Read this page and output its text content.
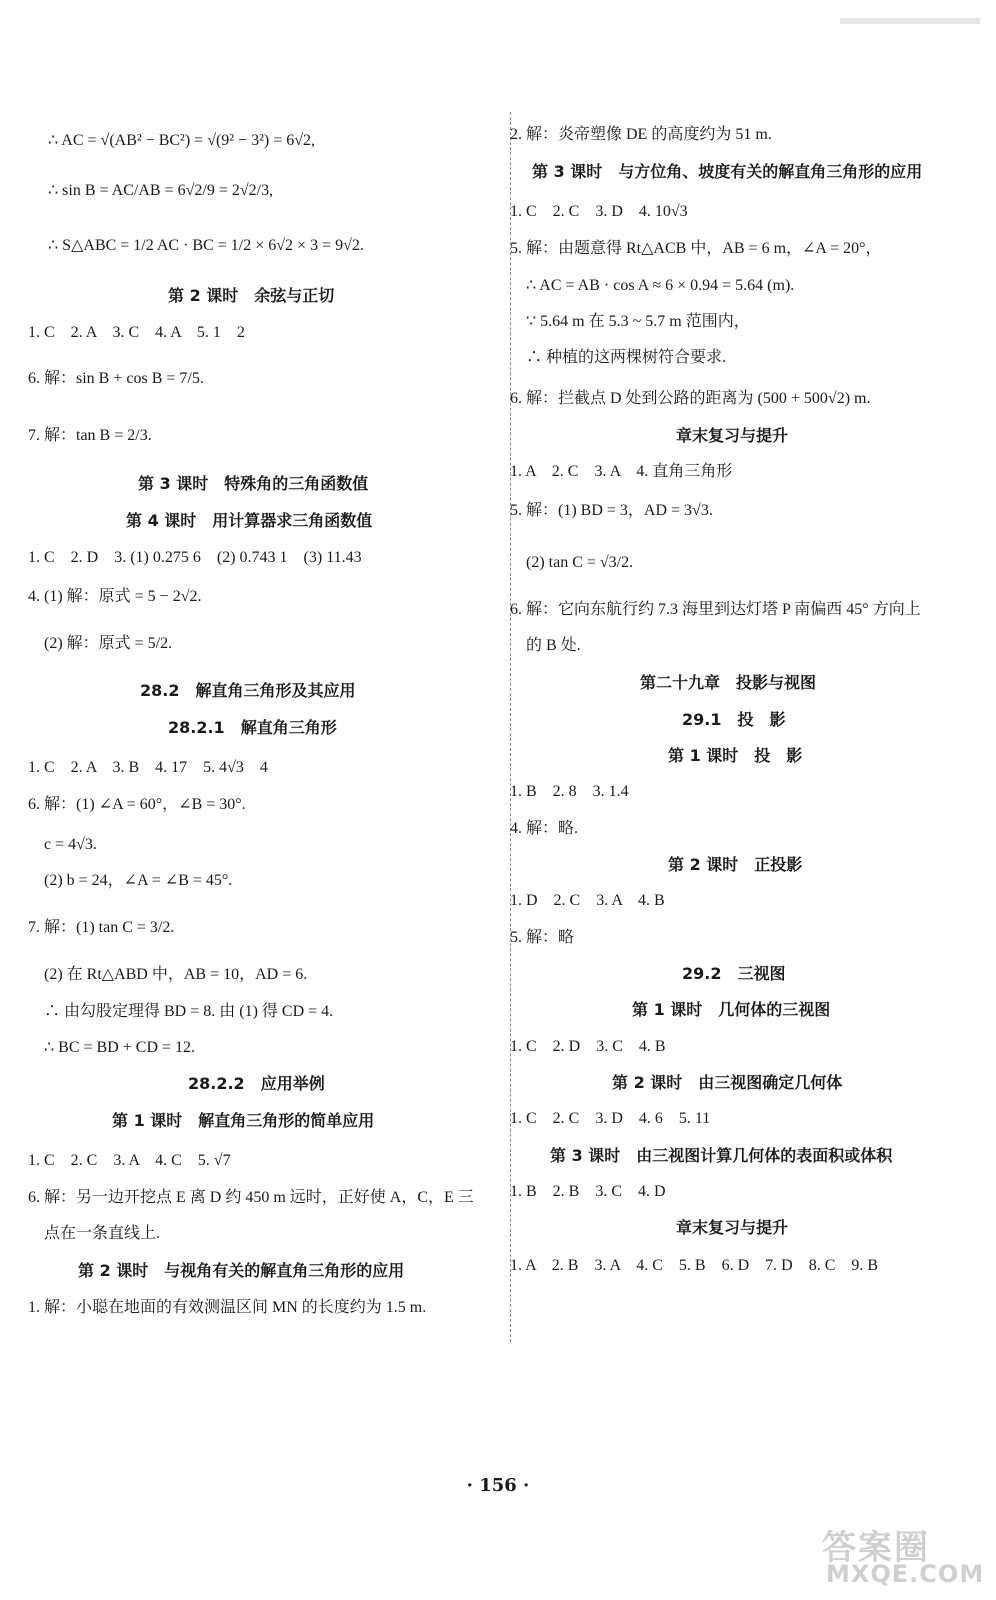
∴ AC = √(AB² − BC²) = √(9² − 3²) = 6√2,
∴ sin B = AC/AB = 6√2/9 = 2√2/3,
∴ S△ABC = 1/2 AC · BC = 1/2 × 6√2 × 3 = 9√2.
第 2 课时　余弦与正切
1. C　2. A　3. C　4. A　5. 1　2
6. 解：sin B + cos B = 7/5.
7. 解：tan B = 2/3.
第 3 课时　特殊角的三角函数值
第 4 课时　用计算器求三角函数值
1. C　2. D　3. (1) 0.275 6　(2) 0.743 1　(3) 11.43
4. (1) 解：原式 = 5 − 2√2.
(2) 解：原式 = 5/2.
28.2　解直角三角形及其应用
28.2.1　解直角三角形
1. C　2. A　3. B　4. 17　5. 4√3　4
6. 解：(1) ∠A = 60°，∠B = 30°.
c = 4√3.
(2) b = 24，∠A = ∠B = 45°.
7. 解：(1) tan C = 3/2.
(2) 在 Rt△ABD 中，AB = 10，AD = 6.
∴ 由勾股定理得 BD = 8. 由 (1) 得 CD = 4.
∴ BC = BD + CD = 12.
28.2.2　应用举例
第 1 课时　解直角三角形的简单应用
1. C　2. C　3. A　4. C　5. √7
6. 解：另一边开挖点 E 离 D 约 450 m 远时，正好使 A，C，E 三
点在一条直线上.
第 2 课时　与视角有关的解直角三角形的应用
1. 解：小聪在地面的有效测温区间 MN 的长度约为 1.5 m.
2. 解：炎帝塑像 DE 的高度约为 51 m.
第 3 课时　与方位角、坡度有关的解直角三角形的应用
1. C　2. C　3. D　4. 10√3
5. 解：由题意得 Rt△ACB 中，AB = 6 m，∠A = 20°，
∴ AC = AB · cos A ≈ 6 × 0.94 = 5.64 (m).
∵ 5.64 m 在 5.3 ~ 5.7 m 范围内，
∴ 种植的这两棵树符合要求.
6. 解：拦截点 D 处到公路的距离为 (500 + 500√2) m.
章末复习与提升
1. A　2. C　3. A　4. 直角三角形
5. 解：(1) BD = 3，AD = 3√3.
(2) tan C = √3/2.
6. 解：它向东航行约 7.3 海里到达灯塔 P 南偏西 45° 方向上
的 B 处.
第二十九章　投影与视图
29.1　投　影
第 1 课时　投　影
1. B　2. 8　3. 1.4
4. 解：略.
第 2 课时　正投影
1. D　2. C　3. A　4. B
5. 解：略
29.2　三视图
第 1 课时　几何体的三视图
1. C　2. D　3. C　4. B
第 2 课时　由三视图确定几何体
1. C　2. C　3. D　4. 6　5. 11
第 3 课时　由三视图计算几何体的表面积或体积
1. B　2. B　3. C　4. D
章末复习与提升
1. A　2. B　3. A　4. C　5. B　6. D　7. D　8. C　9. B
· 156 ·
答案圈
MXQE.COM
